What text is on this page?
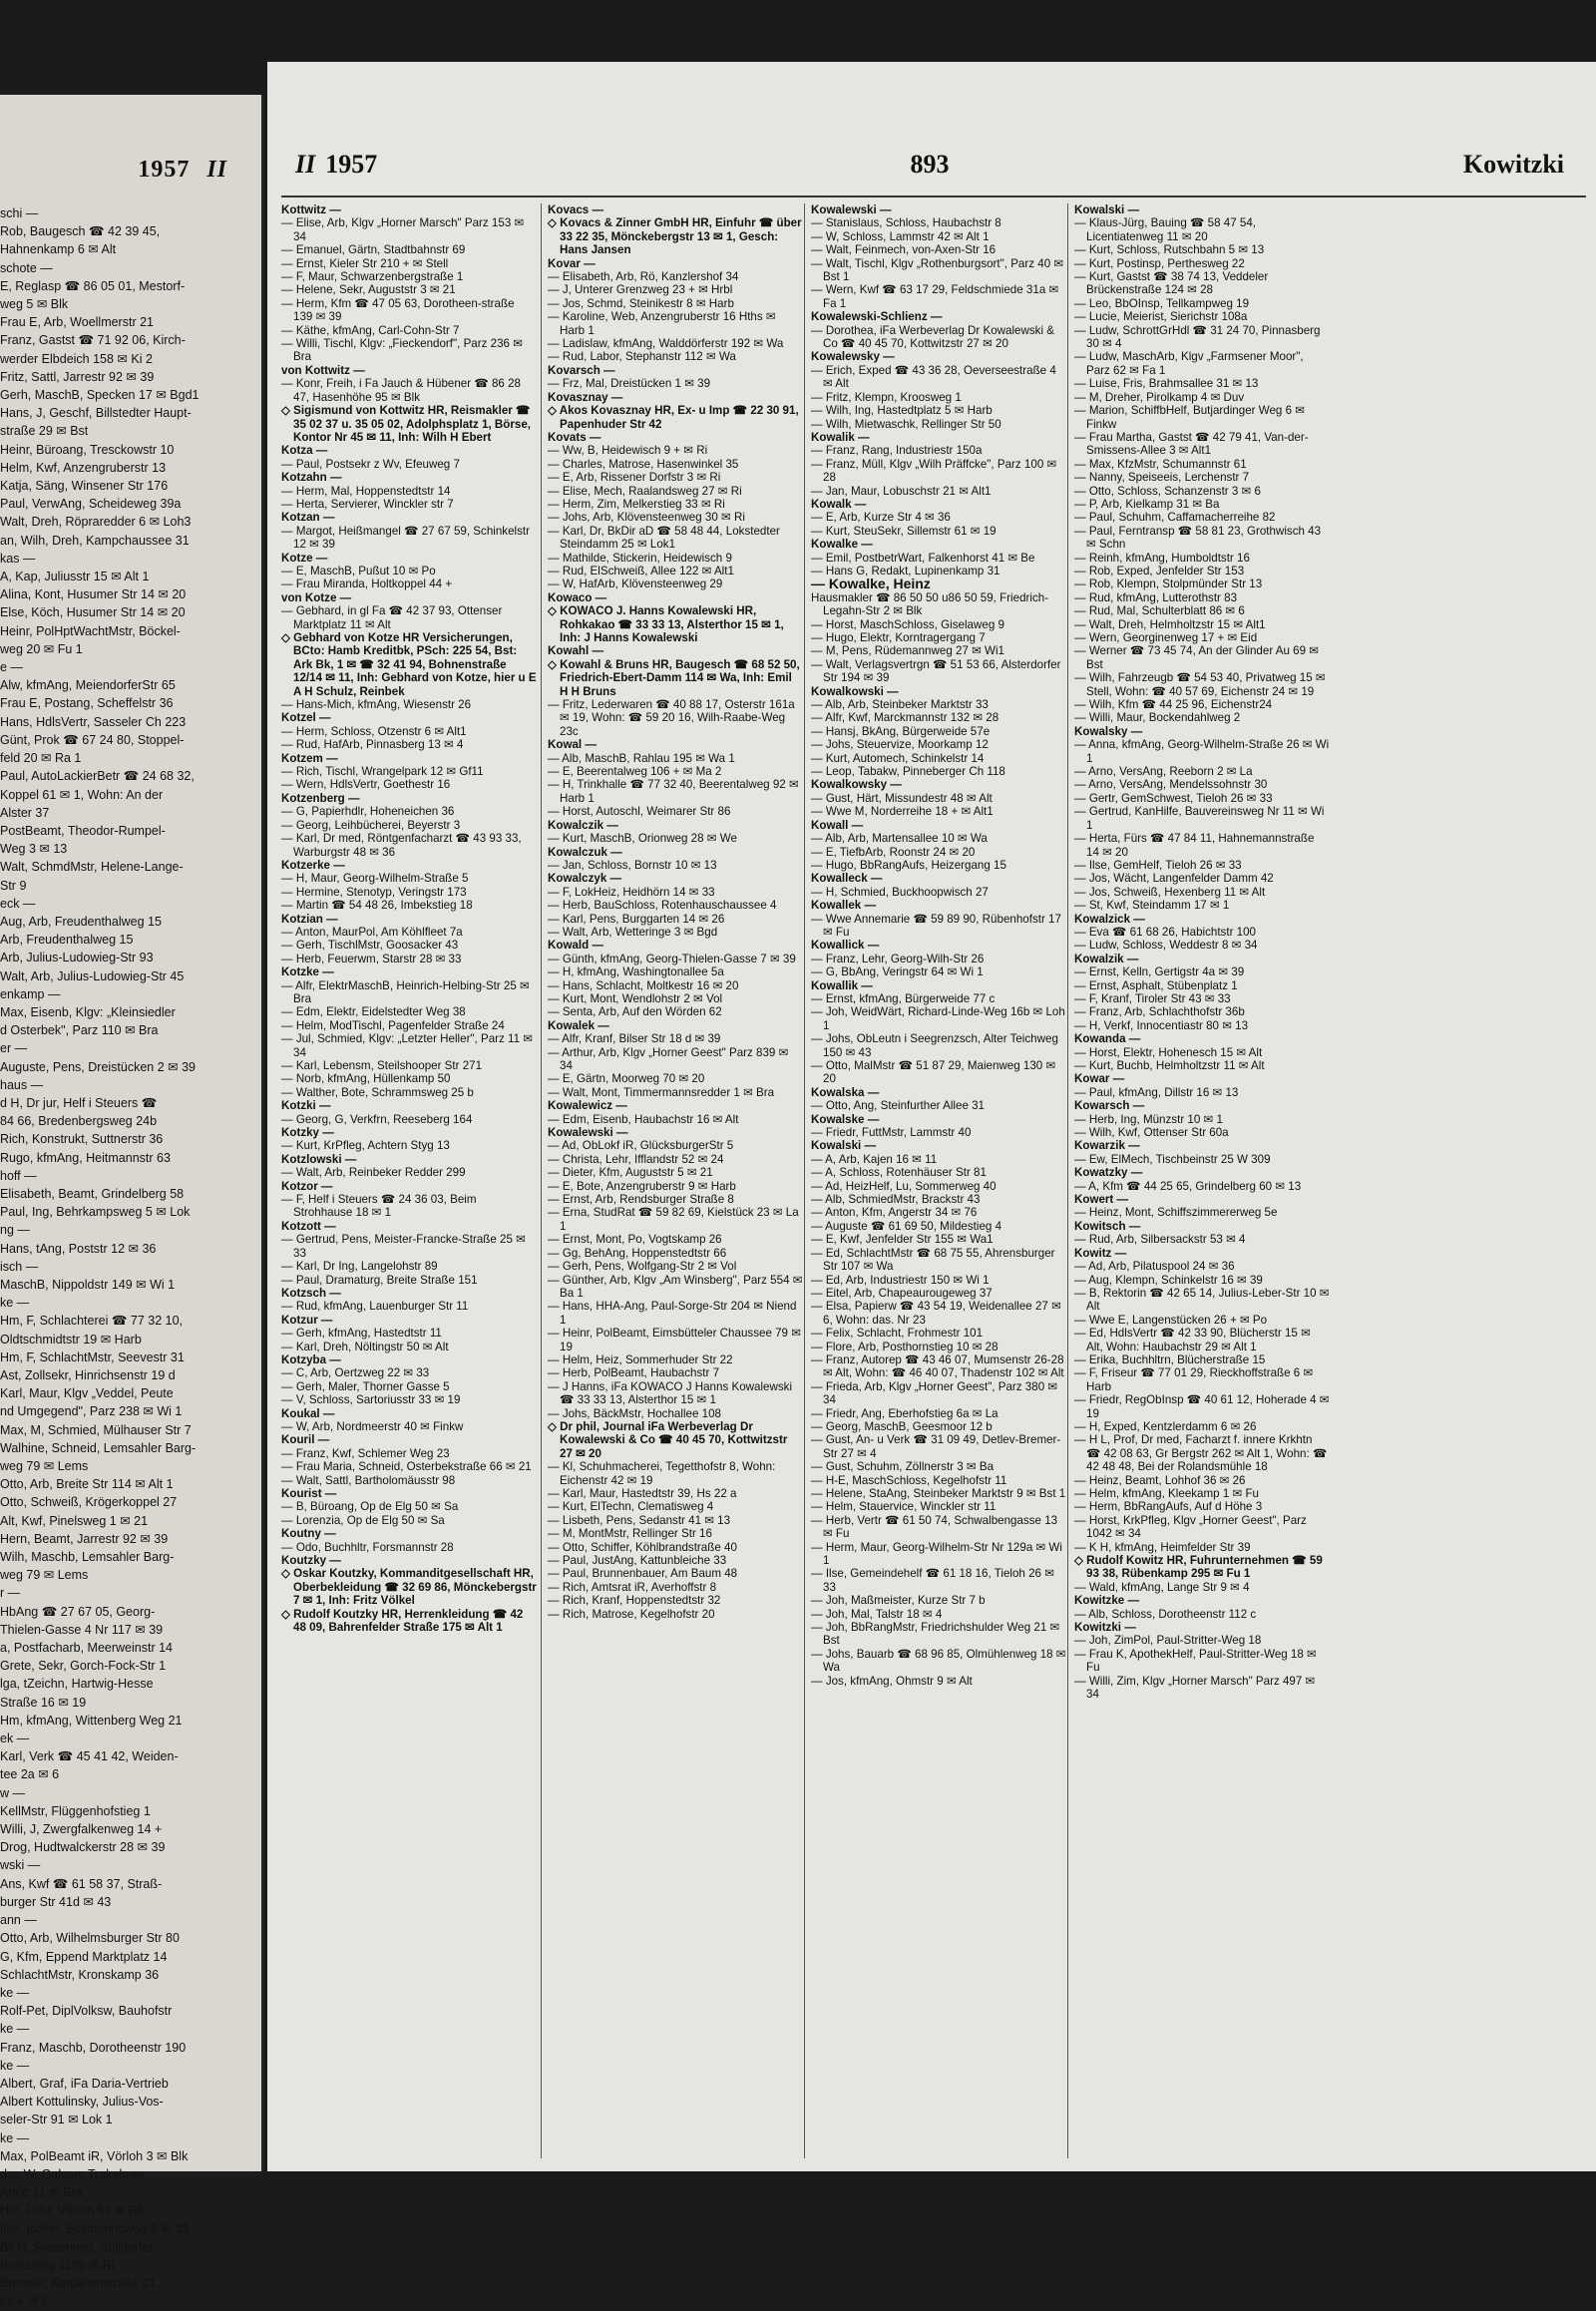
1957 II
schi —
Rob, Baugesch ☎ 42 39 45,
Hahnenkamp 6 ✉ Alt
schote —
E, Reglasp ☎ 86 05 01, Mestorf-
weg 5 ✉ Blk
Frau E, Arb, Woellmerstr 21
Franz, Gastst ☎ 71 92 06, Kirch-
werder Elbdeich 158 ✉ Ki 2
Fritz, Sattl, Jarrestr 92 ✉ 39
Gerh, MaschB, Specken 17 ✉ Bgd1
Hans, J, Geschf, Billstedter Haupt-
straße 29 ✉ Bst
Heinr, Büroang, Tresckowstr 10
Helm, Kwf, Anzengruberstr 13
Katja, Säng, Winsener Str 176
Paul, VerwAng, Scheideweg 39a
Walt, Dreh, Röpraredder 6 ✉ Loh3
an, Wilh, Dreh, Kampchaussee 31
kas —
A, Kap, Juliusstr 15 ✉ Alt 1
Alina, Kont, Husumer Str 14 ✉ 20
Else, Köch, Husumer Str 14 ✉ 20
Heinr, PolHptWachtMstr, Böckel-
weg 20 ✉ Fu 1
e —
Alw, kfmAng, MeiendorferStr 65
Frau E, Postang, Scheffelstr 36
Hans, HdlsVertr, Sasseler Ch 223
Günt, Prok ☎ 67 24 80, Stoppel-
feld 20 ✉ Ra 1
Paul, AutoLackierBetr ☎ 24 68 32,
Koppel 61 ✉ 1, Wohn: An der
Alster 37
PostBeamt, Theodor-Rumpel-
Weg 3 ✉ 13
Walt, SchmdMstr, Helene-Lange-
Str 9
eck —
Aug, Arb, Freudenthalweg 15
Arb, Freudenthalweg 15
Arb, Julius-Ludowieg-Str 93
Walt, Arb, Julius-Ludowieg-Str 45
enkamp —
Max, Eisenb, Klgv: „Kleinsiedler
d Osterbek", Parz 110 ✉ Bra
er —
Auguste, Pens, Dreistücken 2 ✉ 39
haus —
d H, Dr jur, Helf i Steuers ☎
84 66, Bredenbergsweg 24b
Rich, Konstrukt, Suttnerstr 36
Rugo, kfmAng, Heitmannstr 63
hoff —
Elisabeth, Beamt, Grindelberg 58
Paul, Ing, Behrkampsweg 5 ✉ Lok
ng —
Hans, tAng, Poststr 12 ✉ 36
isch —
MaschB, Nippoldstr 149 ✉ Wi 1
ke —
Hm, F, Schlachterei ☎ 77 32 10,
Oldtschmidtstr 19 ✉ Harb
Hm, F, SchlachtMstr, Seevestr 31
Ast, Zollsekr, Hinrichsenstr 19 d
Karl, Maur, Klgv „Veddel, Peute
nd Umgegend", Parz 238 ✉ Wi 1
Max, M, Schmied, Mülhauser Str 7
Walhine, Schneid, Lemsahler Barg-
weg 79 ✉ Lems
Otto, Arb, Breite Str 114 ✉ Alt 1
Otto, Schweiß, Krögerkoppel 27
Alt, Kwf, Pinelsweg 1 ✉ 21
Hern, Beamt, Jarrestr 92 ✉ 39
Wilh, Maschb, Lemsahler Barg-
weg 79 ✉ Lems
r —
HbAng ☎ 27 67 05, Georg-
Thielen-Gasse 4 Nr 117 ✉ 39
a, Postfacharb, Meerweinstr 14
Grete, Sekr, Gorch-Fock-Str 1
lga, tZeichn, Hartwig-Hesse
Straße 16 ✉ 19
Hm, kfmAng, Wittenberg Weg 21
ek —
Karl, Verk ☎ 45 41 42, Weiden-
tee 2a ✉ 6
w —
KellMstr, Flüggenhofstieg 1
Willi, J, Zwergfalkenweg 14 +
Drog, Hudtwalckerstr 28 ✉ 39
wski —
Ans, Kwf ☎ 61 58 37, Straß-
burger Str 41d ✉ 43
ann —
Otto, Arb, Wilhelmsburger Str 80
G, Kfm, Eppend Marktplatz 14
SchlachtMstr, Kronskamp 36
ke —
Rolf-Pet, DiplVolksw, Bauhofstr
ke —
Franz, Maschb, Dorotheenstr 190
ke —
Albert, Graf, iFa Daria-Vertrieb
Albert Kottulinsky, Julius-Vos-
seler-Str 91 ✉ Lok 1
ke —
Max, PolBeamt iR, Vörloh 3 ✉ Blk
das W, Galvan, Trakelmer
Anne 11 ✉ Bra
Hm, Lehr, Vörloh 54 ✉ Blk
Ilse, Isolier, Eckmannsweg 2 ✉ 33
Bil H, Steuerinsp, Sülldorfer
Broksweg 118b ✉ Ri
Brenner, Karolinenstraße 21,
Ls 4 ✉ 6
II 1957	893	Kowitzki
Kottwitz —
— Elise, Arb, Klgv „Horner Marsch" Parz 153 ✉ 34
— Emanuel, Gärtn, Stadtbahnstr 69
— Ernst, Kieler Str 210 + ✉ Stell
— F, Maur, Schwarzenbergstraße 1
— Helene, Sekr, Auguststr 3 ✉ 21
— Herm, Kfm ☎ 47 05 63, Dorotheen-straße 139 ✉ 39
— Käthe, kfmAng, Carl-Cohn-Str 7
— Willi, Tischl, Klgv: „Fieckendorf", Parz 236 ✉ Bra
von Kottwitz —
— Konr, Freih, i Fa Jauch & Hübener ☎ 86 28 47, Hasenhöhe 95 ✉ Blk
◇ Sigismund von Kottwitz HR, Reismakler ☎ 35 02 37 u. 35 05 02, Adolphsplatz 1, Börse, Kontor Nr 45 ✉ 11, Inh: Wilh H Ebert
Kotza —
— Paul, Postsekr z Wv, Efeuweg 7
Kotzahn —
— Herm, Mal, Hoppenstedtstr 14
— Herta, Servierer, Winckler str 7
Kotzan —
— Margot, Heißmangel ☎ 27 67 59, Schinkelstr 12 ✉ 39
Kotze —
— E, MaschB, Pußut 10 ✉ Po
— Frau Miranda, Holtkoppel 44 +
von Kotze —
— Gebhard, in gl Fa ☎ 42 37 93, Ottenser Marktplatz 11 ✉ Alt
◇ Gebhard von Kotze HR Versicherungen, BCto: Hamb Kreditbk, PSch: 225 54, Bst: Ark Bk, 1 ✉ ☎ 32 41 94, Bohnenstraße 12/14 ✉ 11, Inh: Gebhard von Kotze, hier u E A H Schulz, Reinbek
— Hans-Mich, kfmAng, Wiesenstr 26
Kotzel —
— Herm, Schloss, Otzenstr 6 ✉ Alt1
— Rud, HafArb, Pinnasberg 13 ✉ 4
Kotzem —
— Rich, Tischl, Wrangelpark 12 ✉ Gf11
— Wern, HdlsVertr, Goethestr 16
Kotzenberg —
— G, Papierhdlr, Hoheneichen 36
— Georg, Leihbücherei, Beyerstr 3
— Karl, Dr med, Röntgenfacharzt ☎ 43 93 33, Warburgstr 48 ✉ 36
Kotzerke —
— H, Maur, Georg-Wilhelm-Straße 5
— Hermine, Stenotyp, Veringstr 173
— Martin ☎ 54 48 26, Imbekstieg 18
Kotzian —
— Anton, MaurPol, Am Köhlfleet 7a
— Gerh, TischlMstr, Goosacker 43
— Herb, Feuerwm, Starstr 28 ✉ 33
Kotzke —
— Alfr, ElektrMaschB, Heinrich-Helbing-Str 25 ✉ Bra
— Edm, Elektr, Eidelstedter Weg 38
— Helm, ModTischl, Pagenfelder Straße 24
— Jul, Schmied, Klgv: „Letzter Heller", Parz 11 ✉ 34
— Karl, Lebensm, Steilshooper Str 271
— Norb, kfmAng, Hüllenkamp 50
— Walther, Bote, Schrammsweg 25 b
Kotzki —
— Georg, G, Verkfrn, Reeseberg 164
Kotzky —
— Kurt, KrPfleg, Achtern Styg 13
Kotzlowski —
— Walt, Arb, Reinbeker Redder 299
Kotzor —
— F, Helf i Steuers ☎ 24 36 03, Beim Strohhause 18 ✉ 1
Kotzott —
— Gertrud, Pens, Meister-Francke-Straße 25 ✉ 33
— Karl, Dr Ing, Langelohstr 89
— Paul, Dramaturg, Breite Straße 151
Kotzsch —
— Rud, kfmAng, Lauenburger Str 11
Kotzur —
— Gerh, kfmAng, Hastedtstr 11
— Karl, Dreh, Nöltingstr 50 ✉ Alt
Kotzyba —
— C, Arb, Oertzweg 22 ✉ 33
— Gerh, Maler, Thorner Gasse 5
— V, Schloss, Sartoriusstr 33 ✉ 19
Koukal —
— W, Arb, Nordmeerstr 40 ✉ Finkw
Kouril —
— Franz, Kwf, Schlemer Weg 23
— Frau Maria, Schneid, Osterbekstraße 66 ✉ 21
— Walt, Sattl, Bartholomäusstr 98
Kourist —
— B, Büroang, Op de Elg 50 ✉ Sa
— Lorenzia, Op de Elg 50 ✉ Sa
Koutny —
— Odo, Buchhltr, Forsmannstr 28
Koutzky —
◇ Oskar Koutzky, Kommanditgesellschaft HR, Oberbekleidung ☎ 32 69 86, Mönckebergstr 7 ✉ 1, Inh: Fritz Völkel
◇ Rudolf Koutzky HR, Herrenkleidung ☎ 42 48 09, Bahrenfelder Straße 175 ✉ Alt 1
Kovacs —
◇ Kovacs & Zinner GmbH HR, Einfuhr ☎ über 33 22 35, Mönckebergstr 13 ✉ 1, Gesch: Hans Jansen
Kovar —
— Elisabeth, Arb, Rö, Kanzlershof 34
— J, Unterer Grenzweg 23 + ✉ Hrbl
— Jos, Schmd, Steinikestr 8 ✉ Harb
— Karoline, Web, Anzengruberstr 16 Hths ✉ Harb 1
— Ladislaw, kfmAng, Walddörferstr 192 ✉ Wa
— Rud, Labor, Stephanstr 112 ✉ Wa
Kovarsch —
— Frz, Mal, Dreistücken 1 ✉ 39
Kovasznay —
◇ Akos Kovasznay HR, Ex- u Imp ☎ 22 30 91, Papenhuder Str 42
Kovats —
— Ww, B, Heidewisch 9 + ✉ Ri
— Charles, Matrose, Hasenwinkel 35
— E, Arb, Rissener Dorfstr 3 ✉ Ri
— Elise, Mech, Raalandsweg 27 ✉ Ri
— Herm, Zim, Melkerstieg 33 ✉ Ri
— Johs, Arb, Klövensteenweg 30 ✉ Ri
— Karl, Dr, BkDir aD ☎ 58 48 44, Lokstedter Steindamm 25 ✉ Lok1
— Mathilde, Stickerin, Heidewisch 9
— Rud, ElSchweiß, Allee 122 ✉ Alt1
— W, HafArb, Klövensteenweg 29
Kowaco —
◇ KOWACO J. Hanns Kowalewski HR, Rohkakao ☎ 33 33 13, Alsterthor 15 ✉ 1, Inh: J Hanns Kowalewski
Kowahl —
◇ Kowahl & Bruns HR, Baugesch ☎ 68 52 50, Friedrich-Ebert-Damm 114 ✉ Wa, Inh: Emil H H Bruns
— Fritz, Lederwaren ☎ 40 88 17, Osterstr 161a ✉ 19, Wohn: ☎ 59 20 16, Wilh-Raabe-Weg 23c
Kowal —
— Alb, MaschB, Rahlau 195 ✉ Wa 1
— E, Beerentalweg 106 + ✉ Ma 2
— H, Trinkhalle ☎ 77 32 40, Beerentalweg 92 ✉ Harb 1
— Horst, Autoschl, Weimarer Str 86
Kowalczik —
— Kurt, MaschB, Orionweg 28 ✉ We
Kowalczuk —
— Jan, Schloss, Bornstr 10 ✉ 13
Kowalczyk —
— F, LokHeiz, Heidhörn 14 ✉ 33
— Herb, BauSchloss, Rotenhauschaussee 4
— Karl, Pens, Burggarten 14 ✉ 26
— Walt, Arb, Wetteringe 3 ✉ Bgd
Kowald —
— Günth, kfmAng, Georg-Thielen-Gasse 7 ✉ 39
— H, kfmAng, Washingtonallee 5a
— Hans, Schlacht, Moltkestr 16 ✉ 20
— Kurt, Mont, Wendlohstr 2 ✉ Vol
— Senta, Arb, Auf den Wörden 62
Kowalek —
— Alfr, Kranf, Bilser Str 18 d ✉ 39
— Arthur, Arb, Klgv „Horner Geest" Parz 839 ✉ 34
— E, Gärtn, Moorweg 70 ✉ 20
— Walt, Mont, Timmermannsredder 1 ✉ Bra
Kowalewicz —
— Edm, Eisenb, Haubachstr 16 ✉ Alt
Kowalewski —
— Ad, ObLokf iR, GlücksburgerStr 5
— Christa, Lehr, Ifflandstr 52 ✉ 24
— Dieter, Kfm, Auguststr 5 ✉ 21
— E, Bote, Anzengruberstr 9 ✉ Harb
— Ernst, Arb, Rendsburger Straße 8
— Erna, StudRat ☎ 59 82 69, Kielstück 23 ✉ La 1
— Ernst, Mont, Po, Vogtskamp 26
— Gg, BehAng, Hoppenstedtstr 66
— Gerh, Pens, Wolfgang-Str 2 ✉ Vol
— Günther, Arb, Klgv „Am Winsberg", Parz 554 ✉ Ba 1
— Hans, HHA-Ang, Paul-Sorge-Str 204 ✉ Niend 1
— Heinr, PolBeamt, Eimsbütteler Chaussee 79 ✉ 19
— Helm, Heiz, Sommerhuder Str 22
— Herb, PolBeamt, Haubachstr 7
— J Hanns, iFa KOWACO J Hanns Kowalewski ☎ 33 33 13, Alsterthor 15 ✉ 1
— Johs, BäckMstr, Hochallee 108
◇ Dr phil, Journal iFa Werbeverlag Dr Kowalewski & Co ☎ 40 45 70, Kottwitzstr 27 ✉ 20
— Kl, Schuhmacherei, Tegetthofstr 8, Wohn: Eichenstr 42 ✉ 19
— Karl, Maur, Hastedtstr 39, Hs 22 a
— Kurt, ElTechn, Clematisweg 4
— Lisbeth, Pens, Sedanstr 41 ✉ 13
— M, MontMstr, Rellinger Str 16
— Otto, Schiffer, Köhlbrandstraße 40
— Paul, JustAng, Kattunbleiche 33
— Paul, Brunnenbauer, Am Baum 48
— Rich, Amtsrat iR, Averhoffstr 8
— Rich, Kranf, Hoppenstedtstr 32
— Rich, Matrose, Kegelhofstr 20
Kowalewski —
— Stanislaus, Schloss, Haubachstr 8
— W, Schloss, Lammstr 42 ✉ Alt 1
— Walt, Feinmech, von-Axen-Str 16
— Walt, Tischl, Klgv „Rothenburgsort", Parz 40 ✉ Bst 1
— Wern, Kwf ☎ 63 17 29, Feldschmiede 31a ✉ Fa 1
Kowalewski-Schlienz —
— Dorothea, iFa Werbeverlag Dr Kowalewski & Co ☎ 40 45 70, Kottwitzstr 27 ✉ 20
Kowalewsky —
— Erich, Exped ☎ 43 36 28, Oeverseestraße 4 ✉ Alt
— Fritz, Klempn, Kroosweg 1
— Wilh, Ing, Hastedtplatz 5 ✉ Harb
— Wilh, Mietwaschk, Rellinger Str 50
Kowalik —
— Franz, Rang, Industriestr 150a
— Franz, Müll, Klgv „Wilh Präffcke", Parz 100 ✉ 28
— Jan, Maur, Lobuschstr 21 ✉ Alt1
Kowalk —
— E, Arb, Kurze Str 4 ✉ 36
— Kurt, SteuSekr, Sillemstr 61 ✉ 19
Kowalke —
— Emil, PostbetrWart, Falkenhorst 41 ✉ Be
— Hans G, Redakt, Lupinenkamp 31
— Kowalke, Heinz
Hausmakler ☎ 86 50 50 u86 50 59, Friedrich-Legahn-Str 2 ✉ Blk
— Horst, MaschSchloss, Giselaweg 9
— Hugo, Elektr, Korntragergang 7
— M, Pens, Rüdemannweg 27 ✉ Wi1
— Walt, Verlagsvertrgn ☎ 51 53 66, Alsterdorfer Str 194 ✉ 39
Kowalkowski —
— Alb, Arb, Steinbeker Marktstr 33
— Alfr, Kwf, Marckmannstr 132 ✉ 28
— Hansj, BkAng, Bürgerweide 57e
— Johs, Steuervize, Moorkamp 12
— Kurt, Automech, Schinkelstr 14
— Leop, Tabakw, Pinneberger Ch 118
Kowalkowsky —
— Gust, Härt, Missundestr 48 ✉ Alt
— Wwe M, Norderreihe 18 + ✉ Alt1
Kowall —
— Alb, Arb, Martensallee 10 ✉ Wa
— E, TiefbArb, Roonstr 24 ✉ 20
— Hugo, BbRangAufs, Heizergang 15
Kowalleck —
— H, Schmied, Buckhoopwisch 27
Kowallek —
— Wwe Annemarie ☎ 59 89 90, Rübenhofstr 17 ✉ Fu
Kowallick —
— Franz, Lehr, Georg-Wilh-Str 26
— G, BbAng, Veringstr 64 ✉ Wi 1
Kowallik —
— Ernst, kfmAng, Bürgerweide 77 c
— Joh, WeidWärt, Richard-Linde-Weg 16b ✉ Loh 1
— Johs, ObLeutn i Seegrenzsch, Alter Teichweg 150 ✉ 43
— Otto, MalMstr ☎ 51 87 29, Maienweg 130 ✉ 20
Kowalska —
— Otto, Ang, Steinfurther Allee 31
Kowalske —
— Friedr, FuttMstr, Lammstr 40
Kowalski —
— A, Arb, Kajen 16 ✉ 11
— A, Schloss, Rotenhäuser Str 81
— Ad, HeizHelf, Lu, Sommerweg 40
— Alb, SchmiedMstr, Brackstr 43
— Anton, Kfm, Angerstr 34 ✉ 76
— Auguste ☎ 61 69 50, Mildestieg 4
— E, Kwf, Jenfelder Str 155 ✉ Wa1
— Ed, SchlachtMstr ☎ 68 75 55, Ahrensburger Str 107 ✉ Wa
— Ed, Arb, Industriestr 150 ✉ Wi 1
— Eitel, Arb, Chapeaurougeweg 37
— Elsa, Papierw ☎ 43 54 19, Weidenallee 27 ✉ 6, Wohn: das. Nr 23
— Felix, Schlacht, Frohmestr 101
— Flore, Arb, Posthornstieg 10 ✉ 28
— Franz, Autorep ☎ 43 46 07, Mumsenstr 26-28 ✉ Alt, Wohn: ☎ 46 40 07, Thadenstr 102 ✉ Alt
— Frieda, Arb, Klgv „Horner Geest", Parz 380 ✉ 34
— Friedr, Ang, Eberhofstieg 6a ✉ La
— Georg, MaschB, Geesmoor 12 b
— Gust, An- u Verk ☎ 31 09 49, Detlev-Bremer-Str 27 ✉ 4
— Gust, Schuhm, Zöllnerstr 3 ✉ Ba
— H-E, MaschSchloss, Kegelhofstr 11
— Helene, StaAng, Steinbeker Marktstr 9 ✉ Bst 1
— Helm, Stauervice, Winckler str 11
— Herb, Vertr ☎ 61 50 74, Schwalbengasse 13 ✉ Fu
— Herm, Maur, Georg-Wilhelm-Str Nr 129a ✉ Wi 1
— Ilse, Gemeindehelf ☎ 61 18 16, Tieloh 26 ✉ 33
— Joh, Maßmeister, Kurze Str 7 b
— Joh, Mal, Talstr 18 ✉ 4
— Joh, BbRangMstr, Friedrichshulder Weg 21 ✉ Bst
— Johs, Bauarb ☎ 68 96 85, Olmühlenweg 18 ✉ Wa
— Jos, kfmAng, Ohmstr 9 ✉ Alt
Kowalski —
— Klaus-Jürg, Bauing ☎ 58 47 54, Licentiatenweg 11 ✉ 20
— Kurt, Schloss, Rutschbahn 5 ✉ 13
— Kurt, Postinsp, Perthesweg 22
— Kurt, Gastst ☎ 38 74 13, Veddeler Brückenstraße 124 ✉ 28
— Leo, BbOInsp, Tellkampweg 19
— Lucie, Meierist, Sierichstr 108a
— Ludw, SchrottGrHdl ☎ 31 24 70, Pinnasberg 30 ✉ 4
— Ludw, MaschArb, Klgv „Farmsener Moor", Parz 62 ✉ Fa 1
— Luise, Fris, Brahmsallee 31 ✉ 13
— M, Dreher, Pirolkamp 4 ✉ Duv
— Marion, SchiffbHelf, Butjardinger Weg 6 ✉ Finkw
— Frau Martha, Gastst ☎ 42 79 41, Van-der-Smissens-Allee 3 ✉ Alt1
— Max, KfzMstr, Schumannstr 61
— Nanny, Speiseeis, Lerchenstr 7
— Otto, Schloss, Schanzenstr 3 ✉ 6
— P, Arb, Kielkamp 31 ✉ Ba
— Paul, Schuhm, Caffamacherreihe 82
— Paul, Ferntransp ☎ 58 81 23, Grothwisch 43 ✉ Schn
— Reinh, kfmAng, Humboldtstr 16
— Rob, Exped, Jenfelder Str 153
— Rob, Klempn, Stolpmünder Str 13
— Rud, kfmAng, Lutterothstr 83
— Rud, Mal, Schulterblatt 86 ✉ 6
— Walt, Dreh, Helmholtzstr 15 ✉ Alt1
— Wern, Georginenweg 17 + ✉ Eid
— Werner ☎ 73 45 74, An der Glinder Au 69 ✉ Bst
— Wilh, Fahrzeugb ☎ 54 53 40, Privatweg 15 ✉ Stell, Wohn: ☎ 40 57 69, Eichenstr 24 ✉ 19
— Wilh, Kfm ☎ 44 25 96, Eichenstr24
— Willi, Maur, Bockendahlweg 2
Kowalsky —
— Anna, kfmAng, Georg-Wilhelm-Straße 26 ✉ Wi 1
— Arno, VersAng, Reeborn 2 ✉ La
— Arno, VersAng, Mendelssohnstr 30
— Gertr, GemSchwest, Tieloh 26 ✉ 33
— Gertrud, KanHilfe, Bauvereinsweg Nr 11 ✉ Wi 1
— Herta, Fürs ☎ 47 84 11, Hahnemannstraße 14 ✉ 20
— Ilse, GemHelf, Tieloh 26 ✉ 33
— Jos, Wächt, Langenfelder Damm 42
— Jos, Schweiß, Hexenberg 11 ✉ Alt
— St, Kwf, Steindamm 17 ✉ 1
Kowalzick —
— Eva ☎ 61 68 26, Habichtstr 100
— Ludw, Schloss, Weddestr 8 ✉ 34
Kowalzik —
— Ernst, Kelln, Gertigstr 4a ✉ 39
— Ernst, Asphalt, Stübenplatz 1
— F, Kranf, Tiroler Str 43 ✉ 33
— Franz, Arb, Schlachthofstr 36b
— H, Verkf, Innocentiastr 80 ✉ 13
Kowanda —
— Horst, Elektr, Hohenesch 15 ✉ Alt
— Kurt, Buchb, Helmholtzstr 11 ✉ Alt
Kowar —
— Paul, kfmAng, Dillstr 16 ✉ 13
Kowarsch —
— Herb, Ing, Münzstr 10 ✉ 1
— Wilh, Kwf, Ottenser Str 60a
Kowarzik —
— Ew, ElMech, Tischbeinstr 25 W 309
Kowatzky —
— A, Kfm ☎ 44 25 65, Grindelberg 60 ✉ 13
Kowert —
— Heinz, Mont, Schiffszimmererweg 5e
Kowitsch —
— Rud, Arb, Silbersackstr 53 ✉ 4
Kowitz —
— Ad, Arb, Pilatuspool 24 ✉ 36
— Aug, Klempn, Schinkelstr 16 ✉ 39
— B, Rektorin ☎ 42 65 14, Julius-Leber-Str 10 ✉ Alt
— Wwe E, Langenstücken 26 + ✉ Po
— Ed, HdlsVertr ☎ 42 33 90, Blücherstr 15 ✉ Alt, Wohn: Haubachstr 29 ✉ Alt 1
— Erika, Buchhltrn, Blücherstraße 15
— F, Friseur ☎ 77 01 29, Rieckhoffstraße 6 ✉ Harb
— Friedr, RegObInsp ☎ 40 61 12, Hoherade 4 ✉ 19
— H, Exped, Kentzlerdamm 6 ✉ 26
— H L, Prof, Dr med, Facharzt f. innere Krkhtn ☎ 42 08 63, Gr Bergstr 262 ✉ Alt 1, Wohn: ☎ 42 48 48, Bei der Rolandsmühle 18
— Heinz, Beamt, Lohhof 36 ✉ 26
— Helm, kfmAng, Kleekamp 1 ✉ Fu
— Herm, BbRangAufs, Auf d Höhe 3
— Horst, KrkPfleg, Klgv „Horner Geest", Parz 1042 ✉ 34
— K H, kfmAng, Heimfelder Str 39
◇ Rudolf Kowitz HR, Fuhrunternehmen ☎ 59 93 38, Rübenkamp 295 ✉ Fu 1
— Wald, kfmAng, Lange Str 9 ✉ 4
Kowitzke —
— Alb, Schloss, Dorotheenstr 112 c
Kowitzki —
— Joh, ZimPol, Paul-Stritter-Weg 18
— Frau K, ApothekHelf, Paul-Stritter-Weg 18 ✉ Fu
— Willi, Zim, Klgv „Horner Marsch" Parz 497 ✉ 34
